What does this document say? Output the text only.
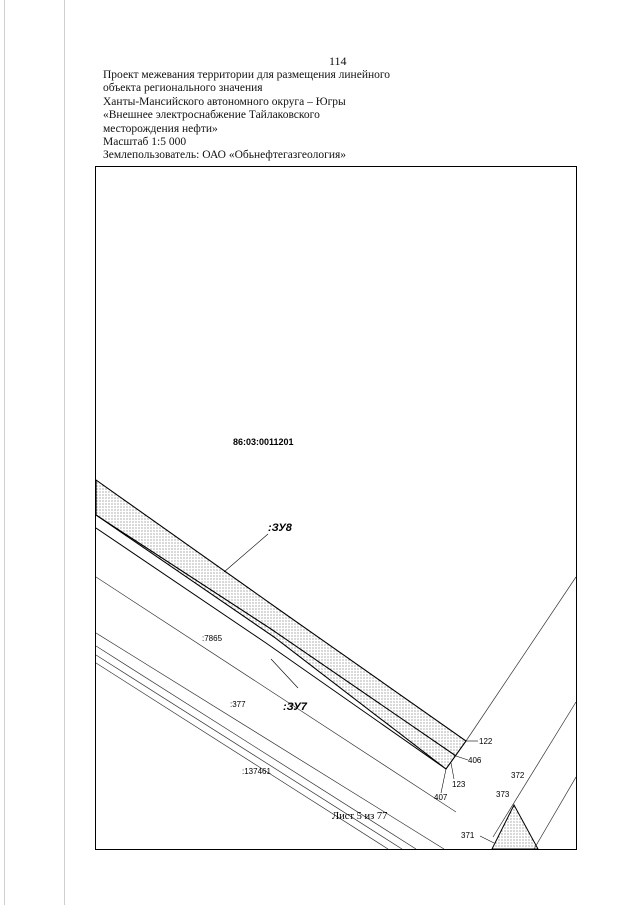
114
Проект межевания территории для размещения линейного
объекта регионального значения
Ханты-Мансийского автономного округа – Югры
«Внешнее электроснабжение Тайлаковского
месторождения нефти»
Масштаб 1:5 000
Землепользователь: ОАО «Обьнефтегазгеология»
86:03:0011201
:ЗУ8
:ЗУ7
:7865
:377
:137461
122
406
123
407
372
373
371
Лист 5 из 77
